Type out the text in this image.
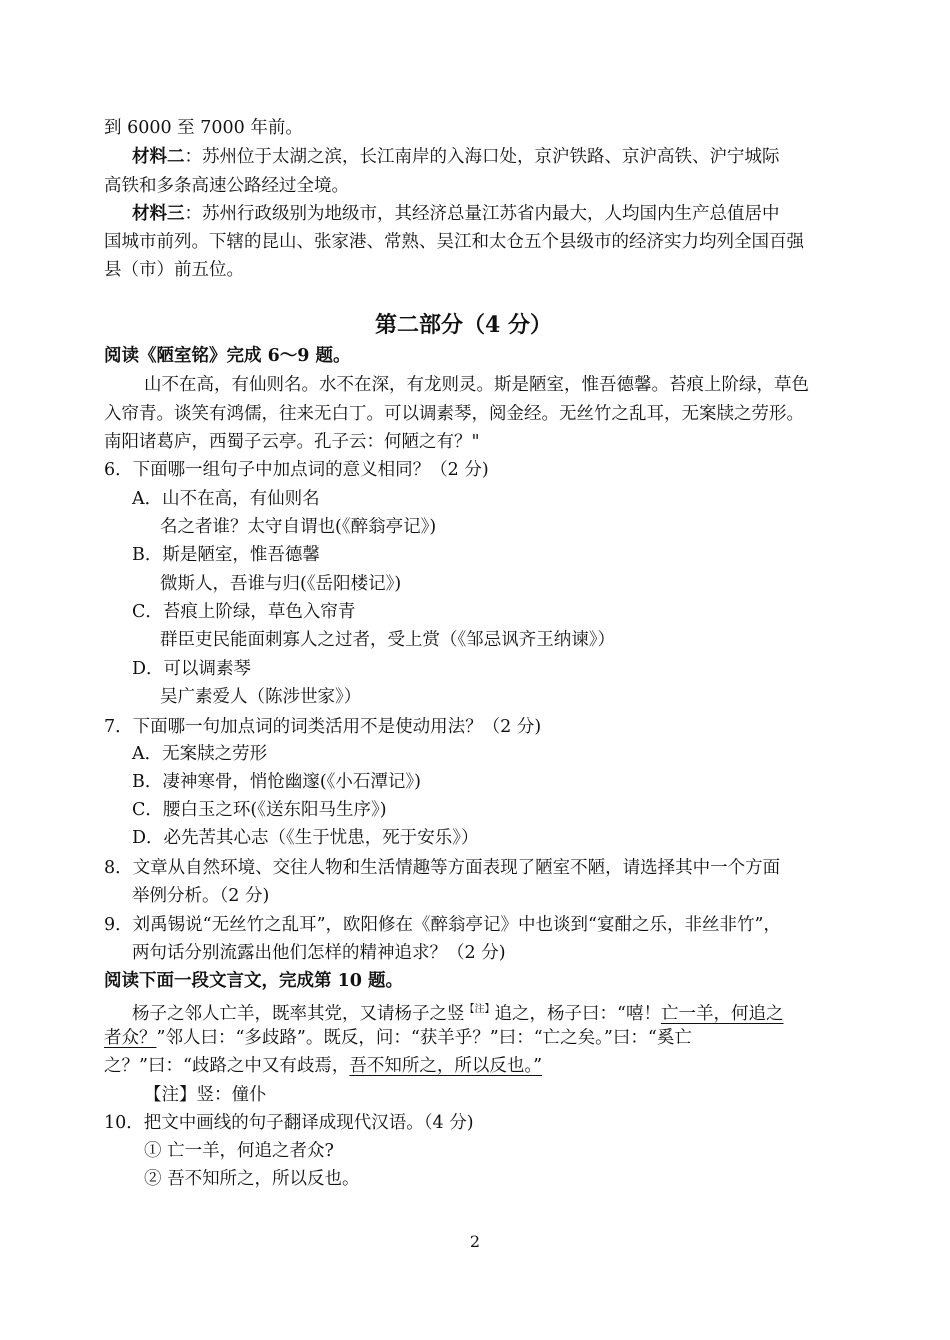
到 6000 至 7000 年前。
材料二：苏州位于太湖之滨，长江南岸的入海口处，京沪铁路、京沪高铁、沪宁城际
高铁和多条高速公路经过全境。
材料三：苏州行政级别为地级市，其经济总量江苏省内最大，人均国内生产总值居中
国城市前列。下辖的昆山、张家港、常熟、吴江和太仓五个县级市的经济实力均列全国百强
县（市）前五位。
第二部分（4 分）
阅读《陋室铭》完成 6～9 题。
山不在高，有仙则名。水不在深，有龙则灵。斯是陋室，惟吾德馨。苔痕上阶绿，草色
入帘青。谈笑有鸿儒，往来无白丁。可以调素琴，阅金经。无丝竹之乱耳，无案牍之劳形。
南阳诸葛庐，西蜀子云亭。孔子云：何陋之有？"
6．下面哪一组句子中加点词的意义相同？（2 分)
A．山不在高，有仙则名
名之者谁？太守自谓也(《醉翁亭记》)
B．斯是陋室，惟吾德馨
微斯人，吾谁与归(《岳阳楼记》)
C．苔痕上阶绿，草色入帘青
群臣吏民能面刺寡人之过者，受上赏（《邹忌讽齐王纳谏》）
D．可以调素琴
吴广素爱人（陈涉世家》）
7．下面哪一句加点词的词类活用不是使动用法？（2 分)
A．无案牍之劳形
B．凄神寒骨，悄怆幽邃(《小石潭记》)
C．腰白玉之环(《送东阳马生序》)
D．必先苦其心志（《生于忧患，死于安乐》）
8．文章从自然环境、交往人物和生活情趣等方面表现了陋室不陋，请选择其中一个方面
举例分析。（2 分)
9．刘禹锡说“无丝竹之乱耳”，欧阳修在《醉翁亭记》中也谈到“宴酣之乐，非丝非竹”，
两句话分别流露出他们怎样的精神追求？（2 分)
阅读下面一段文言文，完成第 10 题。
杨子之邻人亡羊，既率其党，又请杨子之竖$^{【注】}$追之，杨子曰：“嘻！亡一羊，何追之
者众？”邻人曰：“多歧路”。既反，问：“获羊乎？”曰：“亡之矣。”曰：“奚亡
之？”曰：“歧路之中又有歧焉，吾不知所之，所以反也。”
【注】竖：僮仆
10．把文中画线的句子翻译成现代汉语。（4 分)
① 亡一羊，何追之者众?
② 吾不知所之，所以反也。
2
